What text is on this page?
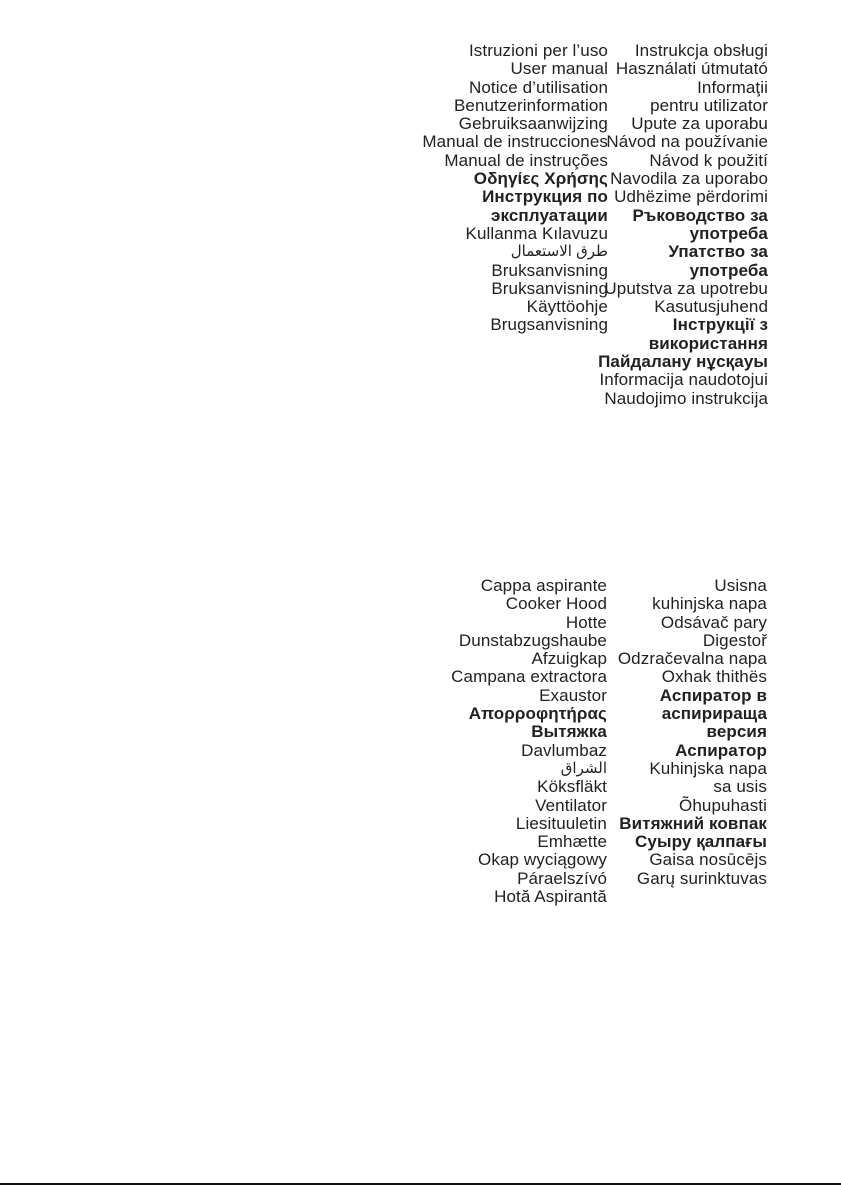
Istruzioni per l’uso
User manual
Notice d’utilisation
Benutzerinformation
Gebruiksaanwijzing
Manual de instrucciones
Manual de instruções
Οδηγίες Χρήσης
Инструкция по
эксплуатации
Kullanma Kılavuzu
طرق الاستعمال
Bruksanvisning
Bruksanvisning
Käyttöohje
Brugsanvisning
Instrukcja obsługi
Használati útmutató
Informaţii
pentru utilizator
Upute za uporabu
Návod na používanie
Návod k použití
Navodila za uporabo
Udhëzime përdorimi
Ръководство за
употреба
Упатство за
употреба
Uputstva za upotrebu
Kasutusjuhend
Інструкції з
використання
Пайдалану нұсқауы
Informacija naudotojui
Naudojimo instrukcija
Cappa aspirante
Cooker Hood
Hotte
Dunstabzugshaube
Afzuigkap
Campana extractora
Exaustor
Απορροφητήρας
Вытяжка
Davlumbaz
الشراق
Köksfläkt
Ventilator
Liesituuletin
Emhætte
Okap wyciągowy
Páraelszívó
Hotă Aspirantă
Usisna
kuhinjska napa
Odsávač pary
Digestoř
Odzračevalna napa
Oxhak thithës
Аспиратор в
аспирираща
версия
Аспиратор
Kuhinjska napa
sa usis
Õhupuhasti
Витяжний ковпак
Суыру қалпағы
Gaisa nosūcējs
Garų surinktuvas
